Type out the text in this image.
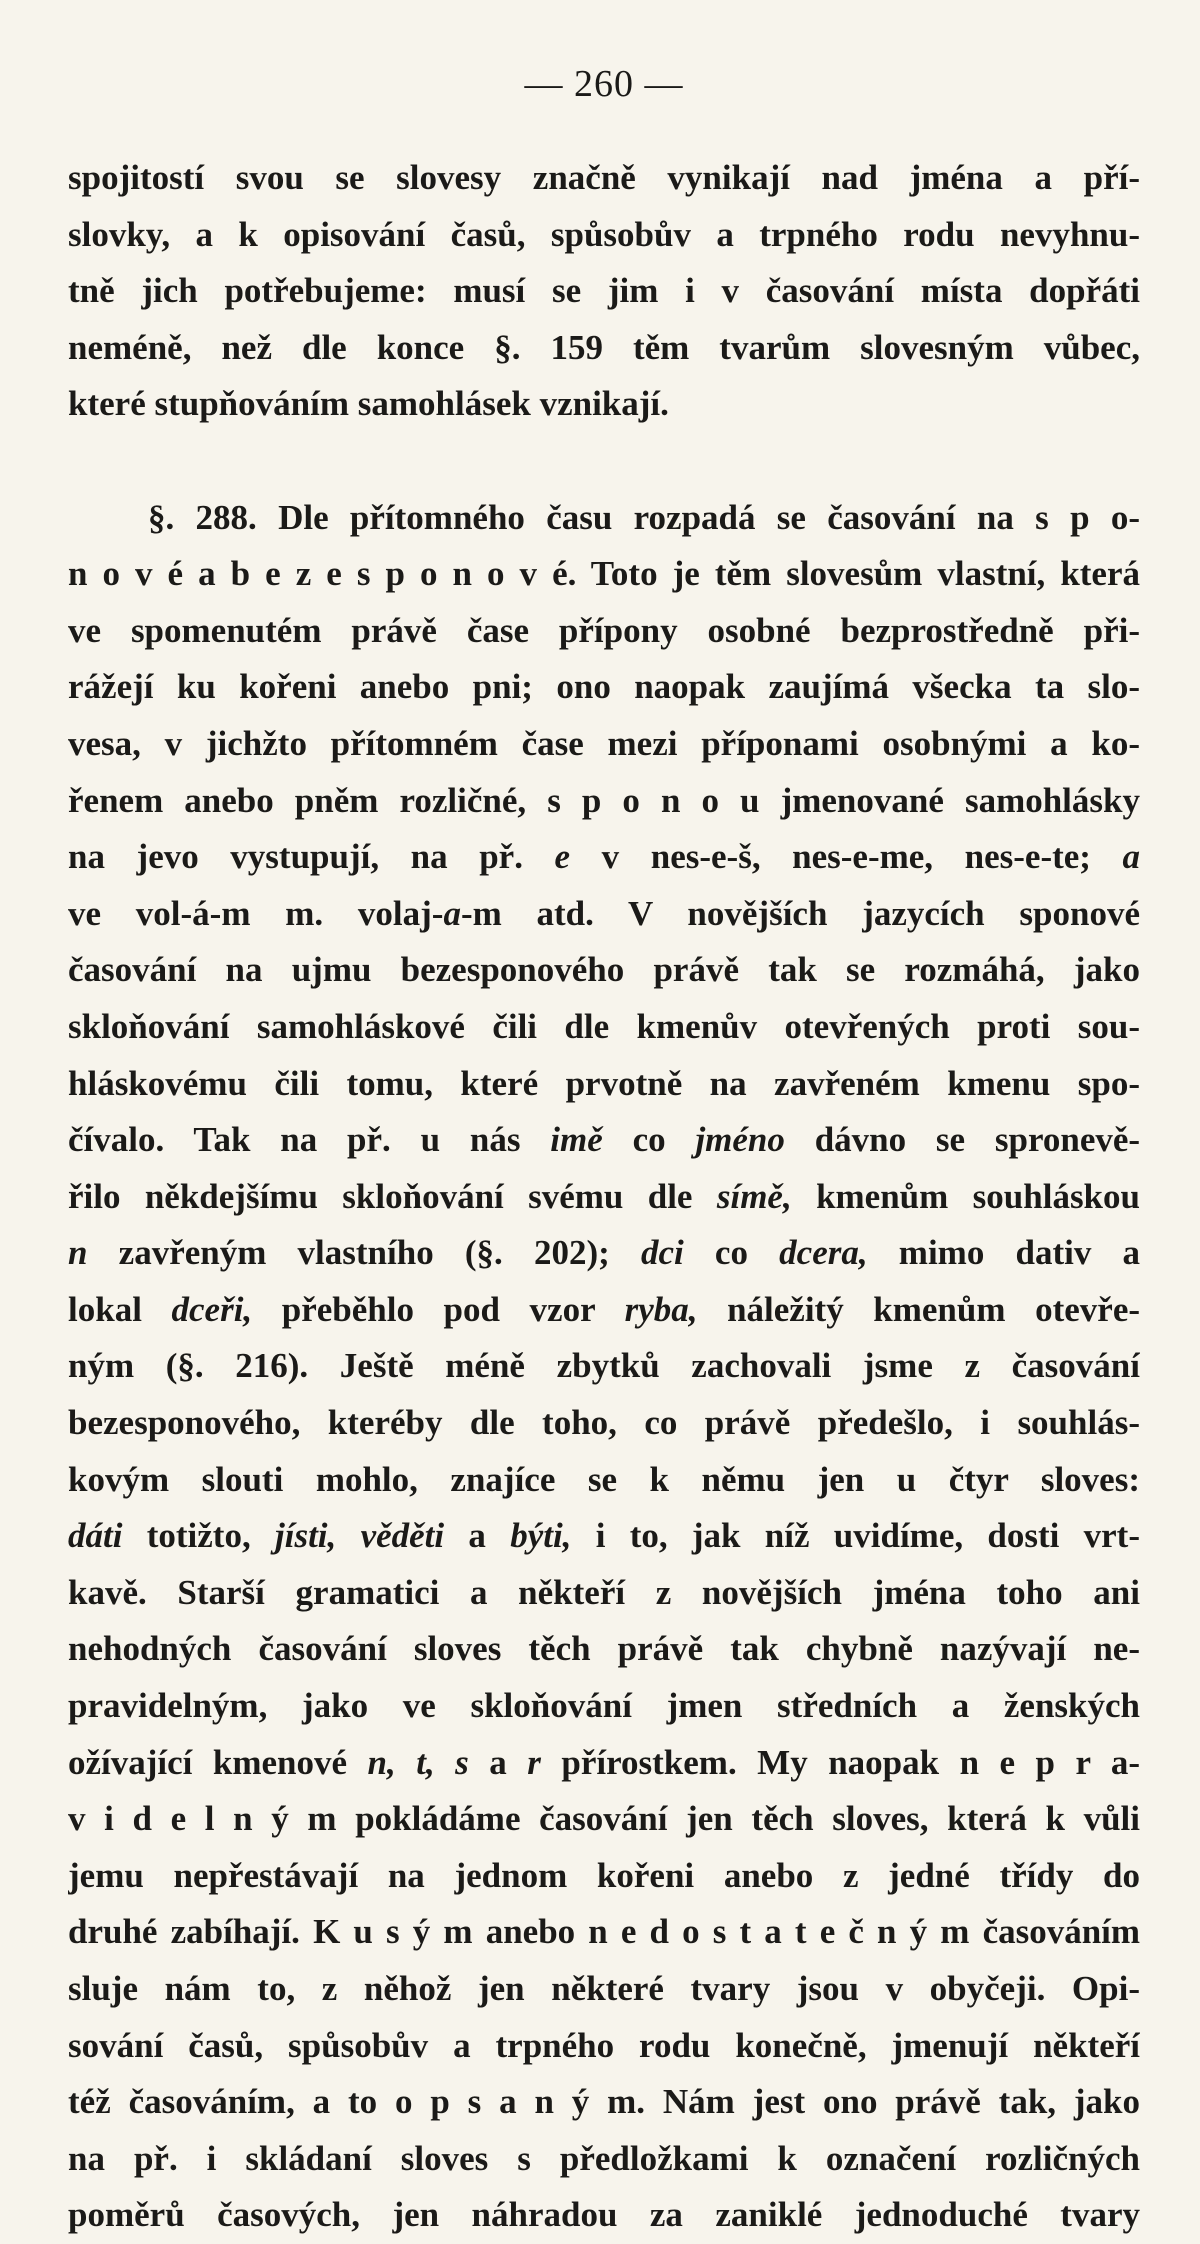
— 260 —
spojitostí svou se slovesy značně vynikají nad jména a pří-
slovky, a k opisování časů, spůsobův a trpného rodu nevyhnu-
tně jich potřebujeme: musí se jim i v časování místa dopřáti
neméně, než dle konce §. 159 těm tvarům slovesným vůbec,
které stupňováním samohlásek vznikají.
§. 288. Dle přítomného času rozpadá se časování na s p o-
n o v é a b e z e s p o n o v é. Toto je těm slovesům vlastní, která
ve spomenutém právě čase přípony osobné bezprostředně při-
rážejí ku kořeni anebo pni; ono naopak zaujímá všecka ta slo-
vesa, v jichžto přítomném čase mezi příponami osobnými a ko-
řenem anebo pněm rozličné, s p o n o u jmenované samohlásky
na jevo vystupují, na př. e v nes-e-š, nes-e-me, nes-e-te; a
ve vol-á-m m. volaj-a-m atd. V novějších jazycích sponové
časování na ujmu bezesponového právě tak se rozmáhá, jako
skloňování samohláskové čili dle kmenův otevřených proti sou-
hláskovému čili tomu, které prvotně na zavřeném kmenu spo-
čívalo. Tak na př. u nás imě co jméno dávno se spronevě-
řilo někdejšímu skloňování svému dle símě, kmenům souhláskou
n zavřeným vlastního (§. 202); dci co dcera, mimo dativ a
lokal dceři, přeběhlo pod vzor ryba, náležitý kmenům otevře-
ným (§. 216). Ještě méně zbytků zachovali jsme z časování
bezesponového, kteréby dle toho, co právě předešlo, i souhlás-
kovým slouti mohlo, znajíce se k němu jen u čtyr sloves:
dáti totižto, jísti, věděti a býti, i to, jak níž uvidíme, dosti vrt-
kavě. Starší gramatici a někteří z novějších jména toho ani
nehodných časování sloves těch právě tak chybně nazývají ne-
pravidelným, jako ve skloňování jmen středních a ženských
ožívající kmenové n, t, s a r přírostkem. My naopak n e p r a-
v i d e l n ý m pokládáme časování jen těch sloves, která k vůli
jemu nepřestávají na jednom kořeni anebo z jedné třídy do
druhé zabíhají. K u s ý m anebo n e d o s t a t e č n ý m časováním
sluje nám to, z něhož jen některé tvary jsou v obyčeji. Opi-
sování časů, spůsobův a trpného rodu konečně, jmenují někteří
též časováním, a to o p s a n ý m. Nám jest ono právě tak, jako
na př. i skládaní sloves s předložkami k označení rozličných
poměrů časových, jen náhradou za zaniklé jednoduché tvary
